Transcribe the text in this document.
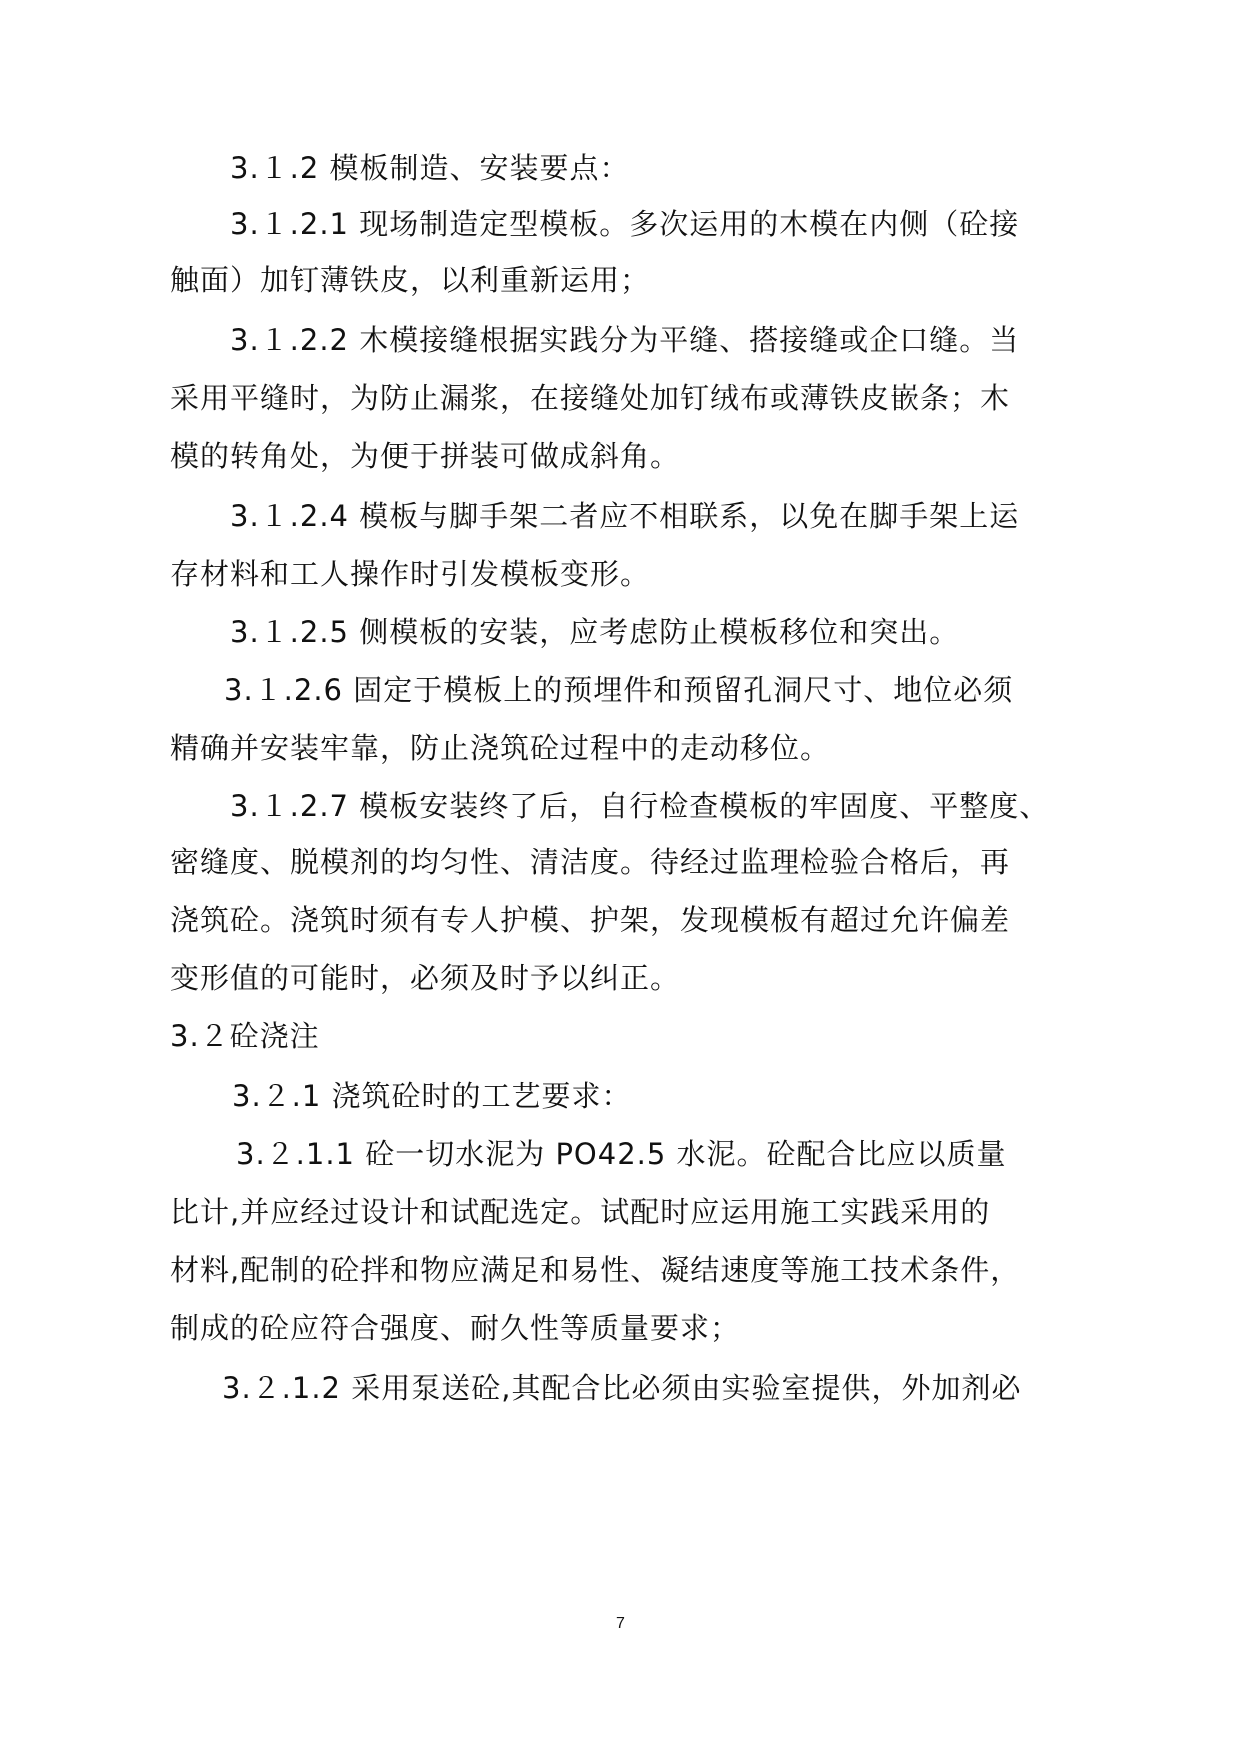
3.１.2 模板制造、安装要点：
3.１.2.1 现场制造定型模板。多次运用的木模在内侧（砼接
触面）加钉薄铁皮，以利重新运用；
3.１.2.2 木模接缝根据实践分为平缝、搭接缝或企口缝。当
采用平缝时，为防止漏浆，在接缝处加钉绒布或薄铁皮嵌条；木
模的转角处，为便于拼装可做成斜角。
3.１.2.4 模板与脚手架二者应不相联系，以免在脚手架上运
存材料和工人操作时引发模板变形。
3.１.2.5 侧模板的安装，应考虑防止模板移位和突出。
3.１.2.6 固定于模板上的预埋件和预留孔洞尺寸、地位必须
精确并安装牢靠，防止浇筑砼过程中的走动移位。
3.１.2.7 模板安装终了后，自行检查模板的牢固度、平整度、
密缝度、脱模剂的均匀性、清洁度。待经过监理检验合格后，再
浇筑砼。浇筑时须有专人护模、护架，发现模板有超过允许偏差
变形值的可能时，必须及时予以纠正。
3.２砼浇注
3.２.1 浇筑砼时的工艺要求：
3.２.1.1 砼一切水泥为 PO42.5 水泥。砼配合比应以质量
比计,并应经过设计和试配选定。试配时应运用施工实践采用的
材料,配制的砼拌和物应满足和易性、凝结速度等施工技术条件，
制成的砼应符合强度、耐久性等质量要求；
3.２.1.2 采用泵送砼,其配合比必须由实验室提供，外加剂必
7
